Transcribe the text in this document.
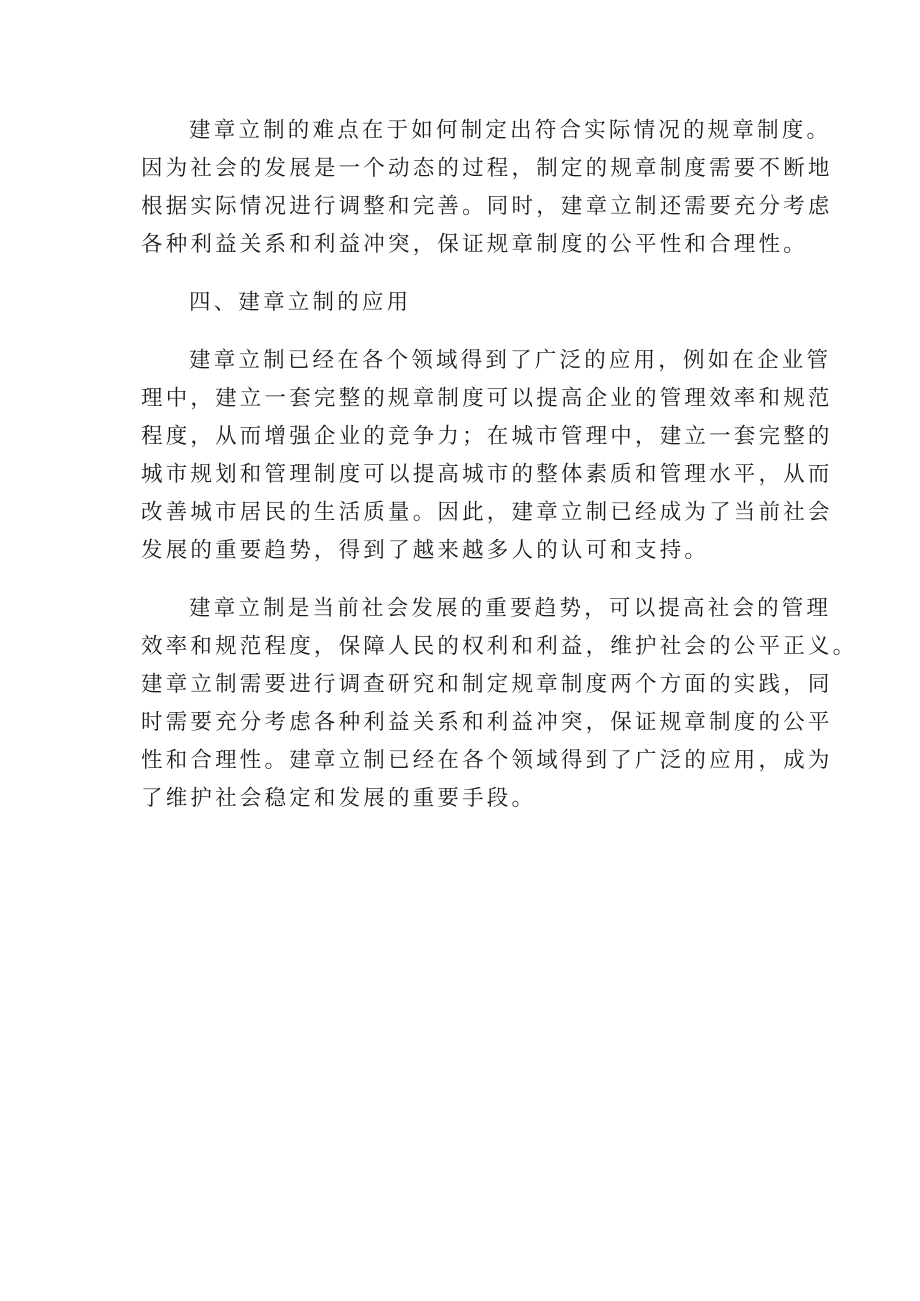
建章立制的难点在于如何制定出符合实际情况的规章制度。
因为社会的发展是一个动态的过程，制定的规章制度需要不断地
根据实际情况进行调整和完善。同时，建章立制还需要充分考虑
各种利益关系和利益冲突，保证规章制度的公平性和合理性。
四、建章立制的应用
建章立制已经在各个领域得到了广泛的应用，例如在企业管
理中，建立一套完整的规章制度可以提高企业的管理效率和规范
程度，从而增强企业的竞争力；在城市管理中，建立一套完整的
城市规划和管理制度可以提高城市的整体素质和管理水平，从而
改善城市居民的生活质量。因此，建章立制已经成为了当前社会
发展的重要趋势，得到了越来越多人的认可和支持。
建章立制是当前社会发展的重要趋势，可以提高社会的管理
效率和规范程度，保障人民的权利和利益，维护社会的公平正义。
建章立制需要进行调查研究和制定规章制度两个方面的实践，同
时需要充分考虑各种利益关系和利益冲突，保证规章制度的公平
性和合理性。建章立制已经在各个领域得到了广泛的应用，成为
了维护社会稳定和发展的重要手段。
